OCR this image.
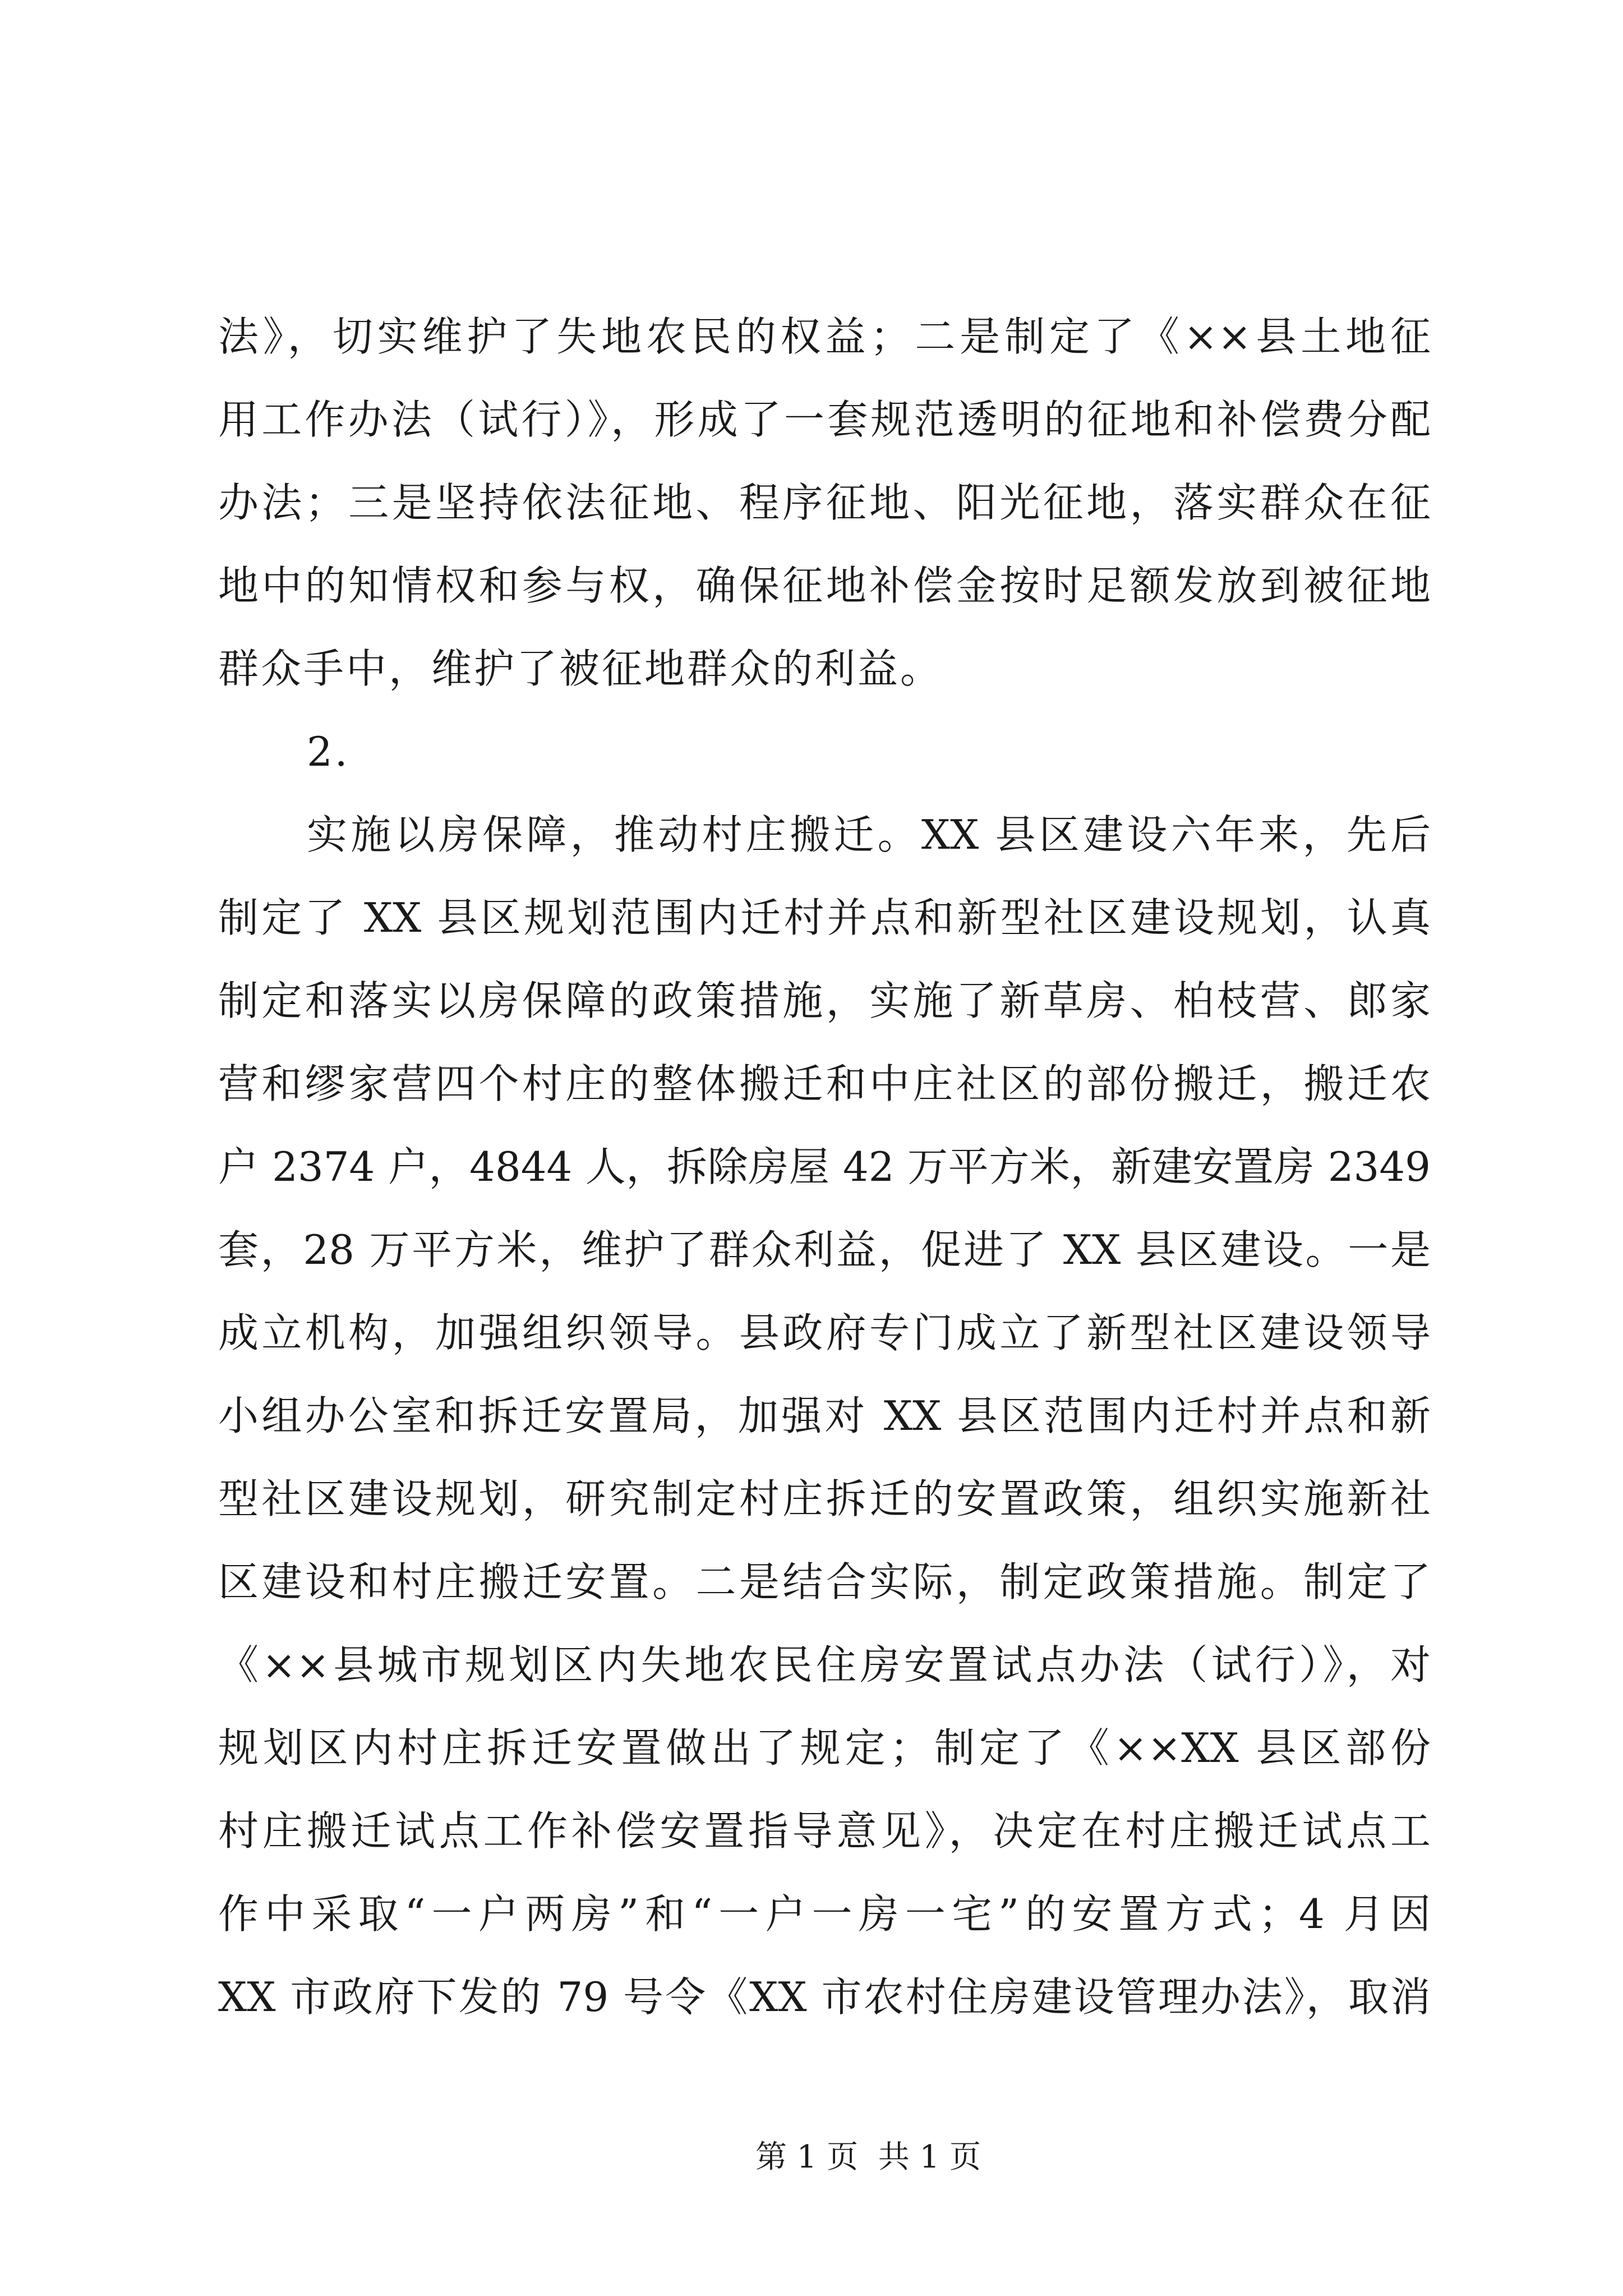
法》，切实维护了失地农民的权益；二是制定了《××县土地征
用工作办法（试行）》，形成了一套规范透明的征地和补偿费分配
办法；三是坚持依法征地、程序征地、阳光征地，落实群众在征
地中的知情权和参与权，确保征地补偿金按时足额发放到被征地
群众手中，维护了被征地群众的利益。
2.
实施以房保障，推动村庄搬迁。XX 县区建设六年来，先后
制定了 XX 县区规划范围内迁村并点和新型社区建设规划，认真
制定和落实以房保障的政策措施，实施了新草房、柏枝营、郎家
营和缪家营四个村庄的整体搬迁和中庄社区的部份搬迁，搬迁农
户 2374 户，4844 人，拆除房屋 42 万平方米，新建安置房 2349
套，28 万平方米，维护了群众利益，促进了 XX 县区建设。一是
成立机构，加强组织领导。县政府专门成立了新型社区建设领导
小组办公室和拆迁安置局，加强对 XX 县区范围内迁村并点和新
型社区建设规划，研究制定村庄拆迁的安置政策，组织实施新社
区建设和村庄搬迁安置。二是结合实际，制定政策措施。制定了
《××县城市规划区内失地农民住房安置试点办法（试行）》，对
规划区内村庄拆迁安置做出了规定；制定了《××XX 县区部份
村庄搬迁试点工作补偿安置指导意见》，决定在村庄搬迁试点工
作中采取“一户两房”和“一户一房一宅”的安置方式；4 月因
XX 市政府下发的 79 号令《XX 市农村住房建设管理办法》，取消
第 1 页  共 1 页
